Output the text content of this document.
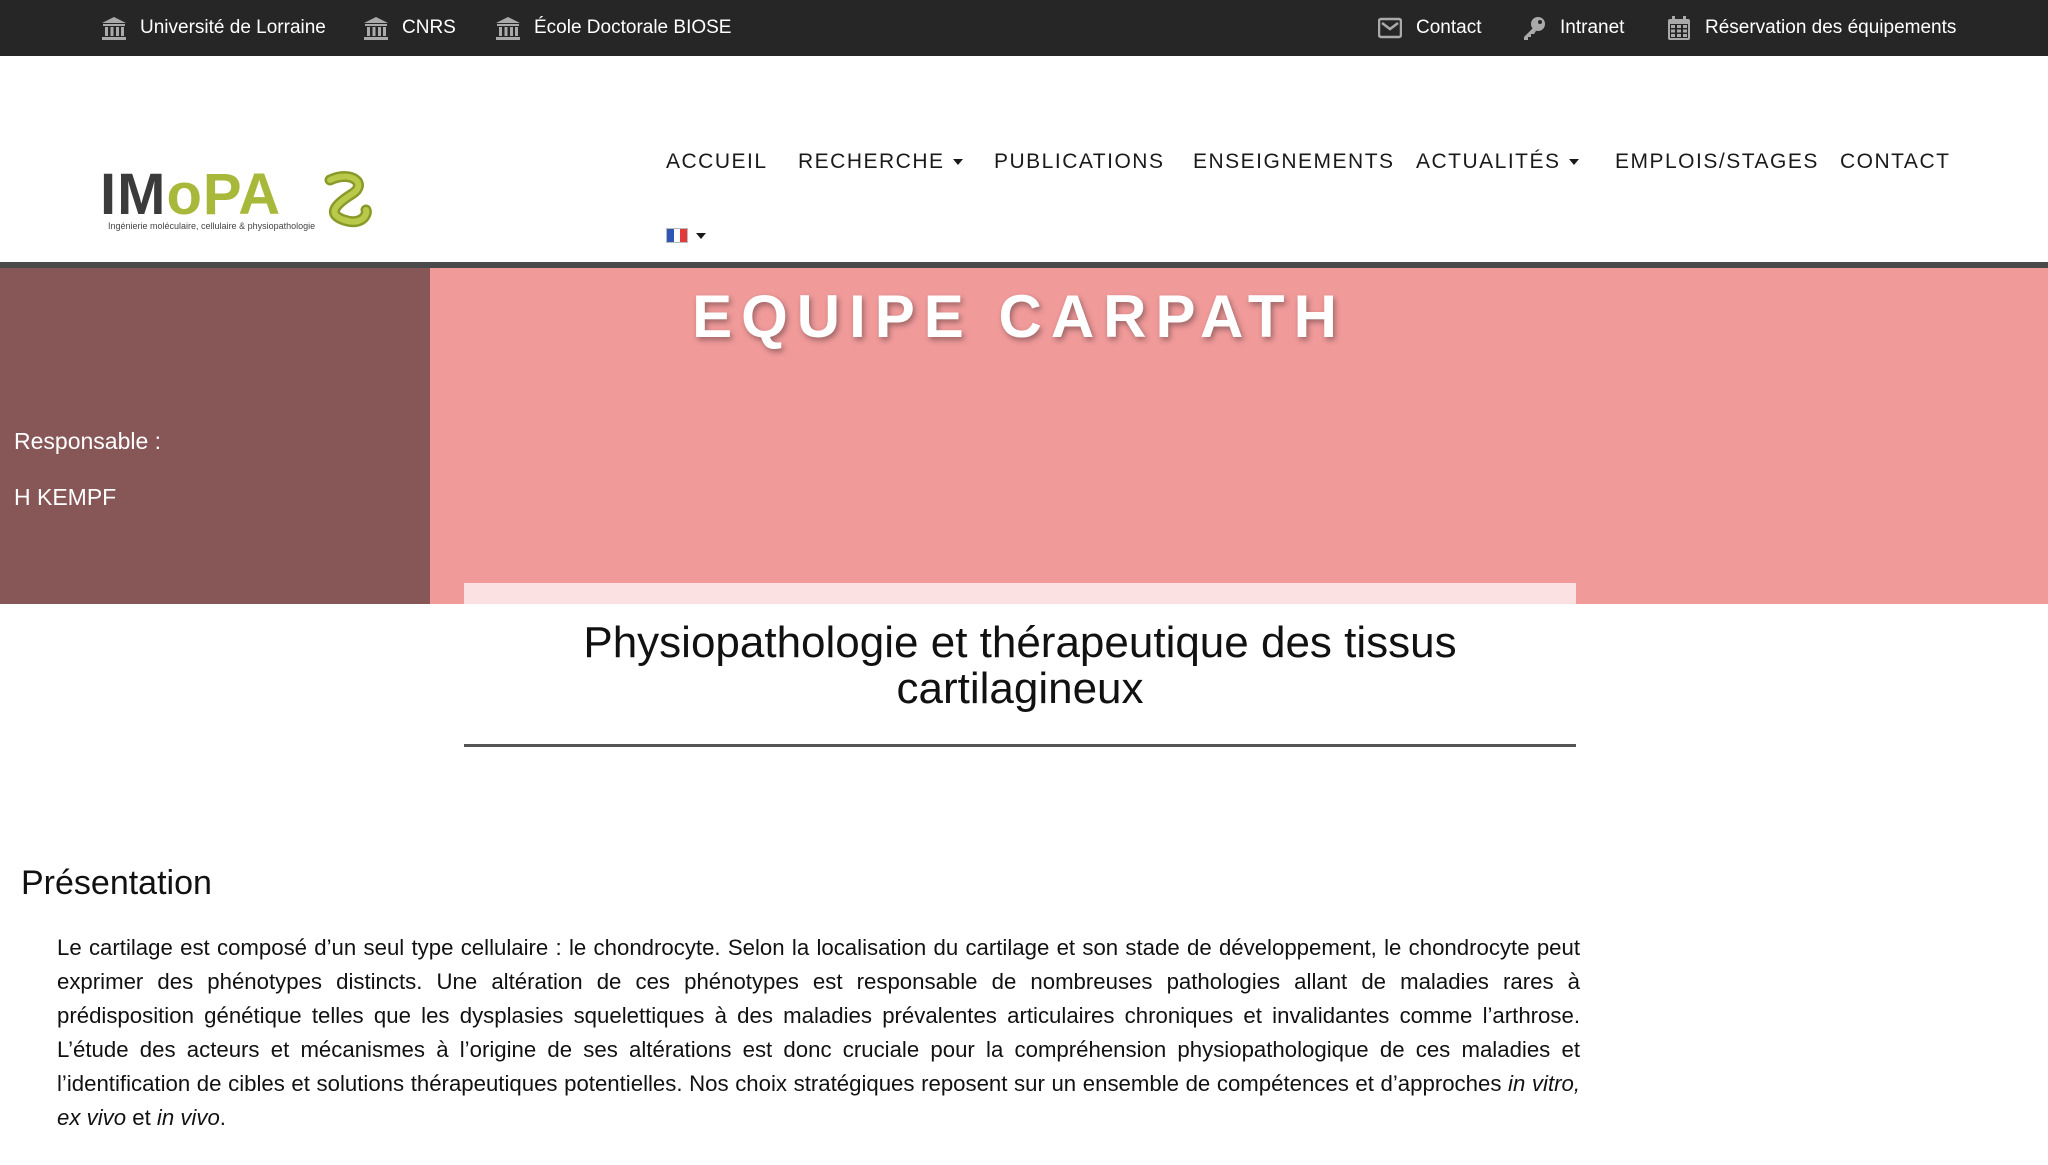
Université de Lorraine	CNRS	École Doctorale BIOSE	Contact	Intranet	Réservation des équipements
IMoPA
Ingénierie moléculaire, cellulaire & physiopathologie
ACCUEIL RECHERCHE PUBLICATIONS ENSEIGNEMENTS ACTUALITÉS	EMPLOIS/STAGES CONTACT
Responsable :
H KEMPF
EQUIPE CARPATH
Physiopathologie et thérapeutique des tissus cartilagineux
Présentation
Le cartilage est composé d’un seul type cellulaire : le chondrocyte. Selon la localisation du cartilage et son stade de développement, le chondrocyte peut exprimer des phénotypes distincts. Une altération de ces phénotypes est responsable de nombreuses pathologies allant de maladies rares à prédisposition génétique telles que les dysplasies squelettiques à des maladies prévalentes articulaires chroniques et invalidantes comme l’arthrose. L’étude des acteurs et mécanismes à l’origine de ses altérations est donc cruciale pour la compréhension physiopathologique de ces maladies et l’identification de cibles et solutions thérapeutiques potentielles. Nos choix stratégiques reposent sur un ensemble de compétences et d’approches in vitro, ex vivo et in vivo.
